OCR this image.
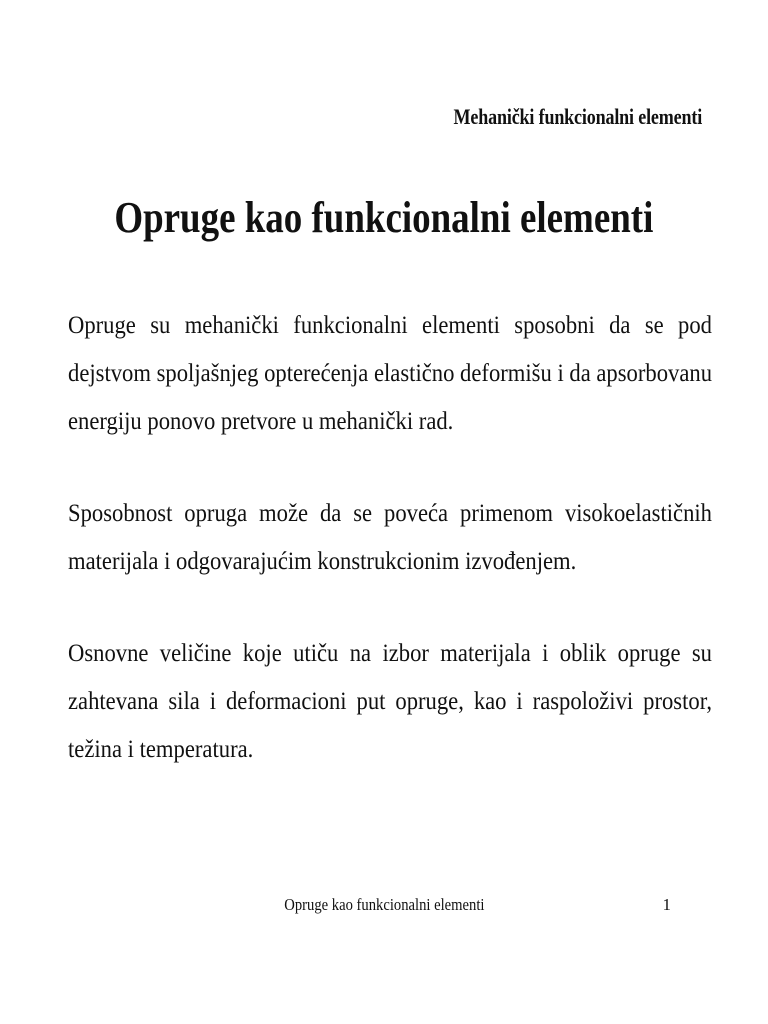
Mehanički funkcionalni elementi
Opruge kao funkcionalni elementi

Opruge su mehanički funkcionalni elementi sposobni da se pod dejstvom spoljašnjeg opterećenja elastično deformišu i da apsorbovanu energiju ponovo pretvore u mehanički rad.

Sposobnost opruga može da se poveća primenom visokoelastičnih materijala i odgovarajućim konstrukcionim izvođenjem.

Osnovne veličine koje utiču na izbor materijala i oblik opruge su zahtevana sila i deformacioni put opruge, kao i raspoloživi prostor, težina i temperatura.

Opruge kao funkcionalni elementi	1
